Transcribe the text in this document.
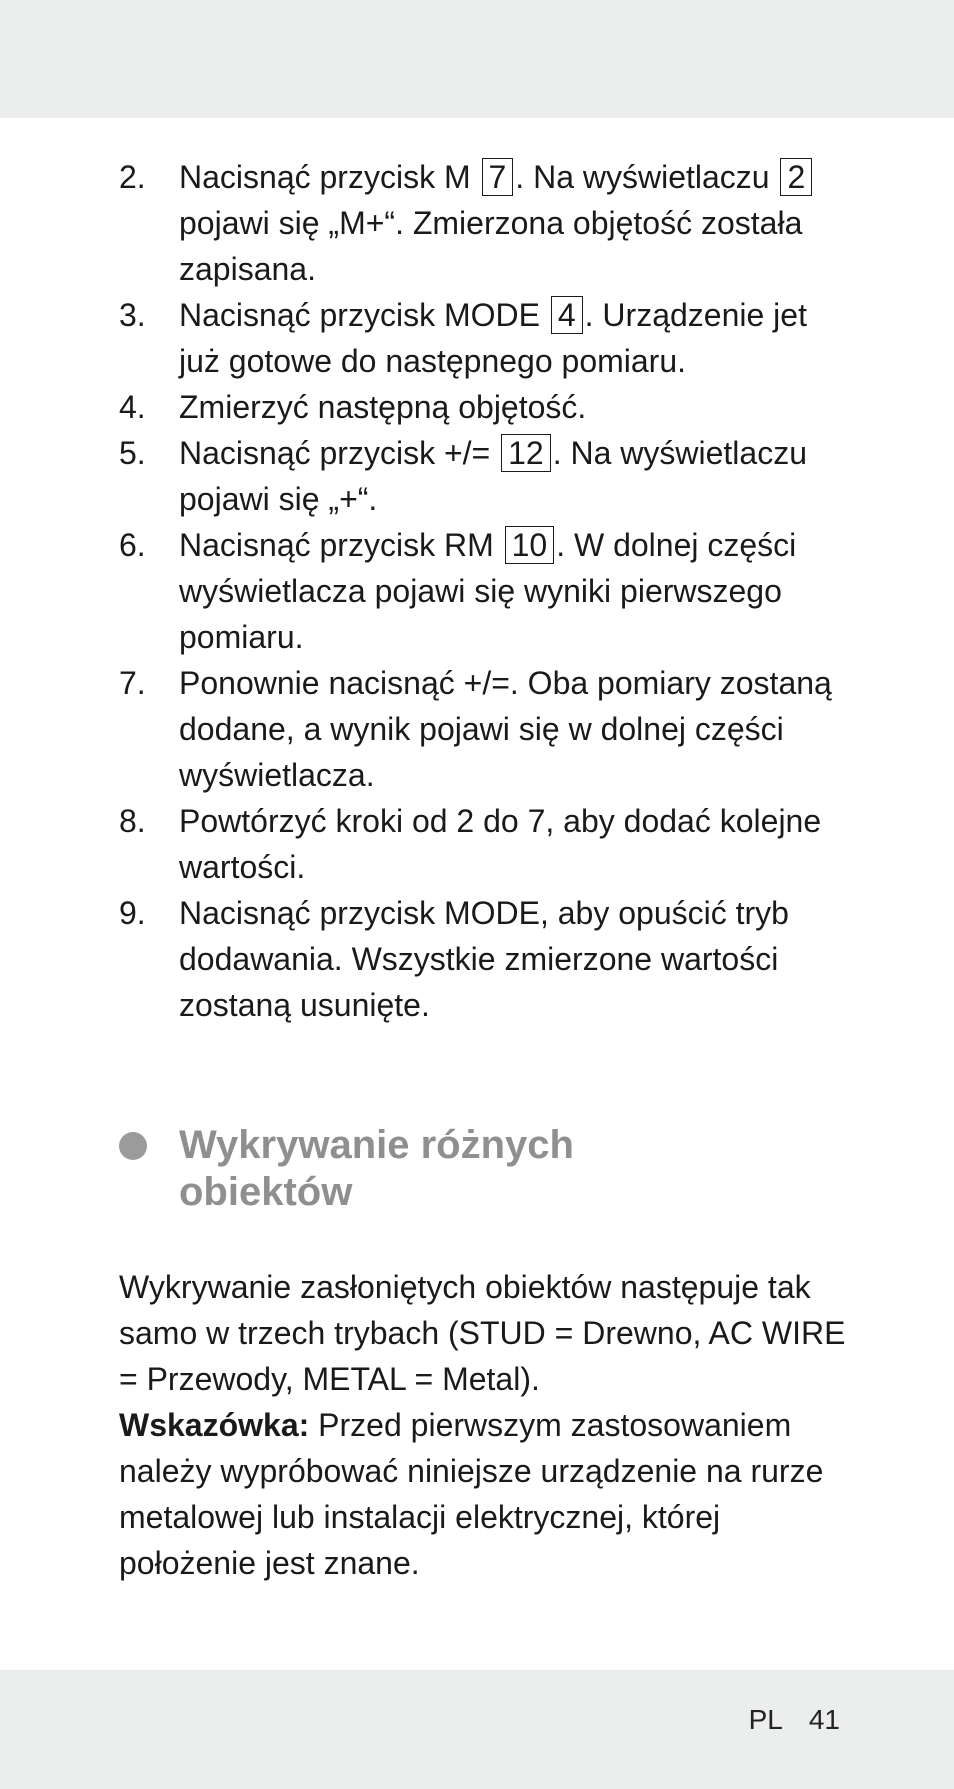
2. Nacisnąć przycisk M 7 . Na wyświetlaczu 2 pojawi się „M+“. Zmierzona objętość została zapisana.
3. Nacisnąć przycisk MODE 4 . Urządzenie jet już gotowe do następnego pomiaru.
4. Zmierzyć następną objętość.
5. Nacisnąć przycisk +/= 12 . Na wyświetlaczu pojawi się „+“.
6. Nacisnąć przycisk RM 10 . W dolnej części wyświetlacza pojawi się wyniki pierwszego pomiaru.
7. Ponownie nacisnąć +/=. Oba pomiary zostaną dodane, a wynik pojawi się w dolnej części wyświetlacza.
8. Powtórzyć kroki od 2 do 7, aby dodać kolejne wartości.
9. Nacisnąć przycisk MODE, aby opuścić tryb dodawania. Wszystkie zmierzone wartości zostaną usunięte.
Wykrywanie różnych obiektów

Wykrywanie zasłoniętych obiektów następuje tak samo w trzech trybach (STUD = Drewno, AC WIRE = Przewody, METAL = Metal).

Wskazówka: Przed pierwszym zastosowaniem należy wypróbować niniejsze urządzenie na rurze metalowej lub instalacji elektrycznej, której położenie jest znane.

PL 41
